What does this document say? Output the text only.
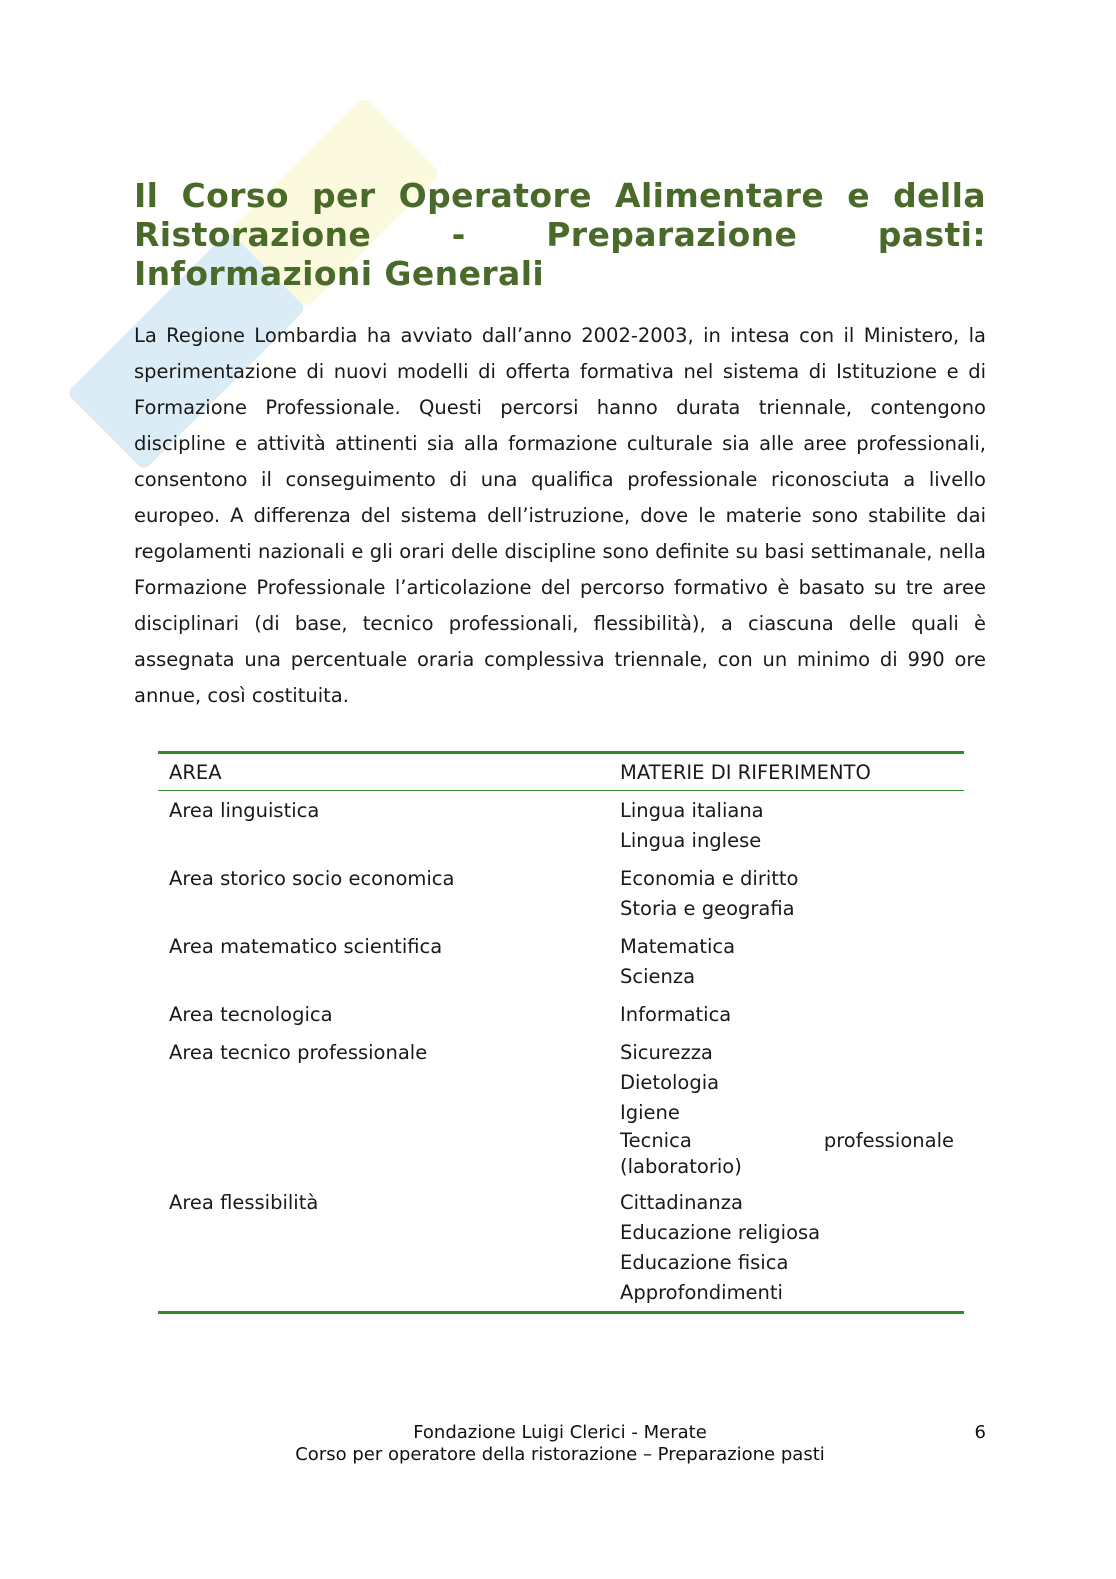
Il Corso per Operatore Alimentare e della Ristorazione - Preparazione pasti: Informazioni Generali

La Regione Lombardia ha avviato dall’anno 2002-2003, in intesa con il Ministero, la sperimentazione di nuovi modelli di offerta formativa nel sistema di Istituzione e di Formazione Professionale. Questi percorsi hanno durata triennale, contengono discipline e attività attinenti sia alla formazione culturale sia alle aree professionali, consentono il conseguimento di una qualifica professionale riconosciuta a livello europeo. A differenza del sistema dell’istruzione, dove le materie sono stabilite dai regolamenti nazionali e gli orari delle discipline sono definite su basi settimanale, nella Formazione Professionale l’articolazione del percorso formativo è basato su tre aree disciplinari (di base, tecnico professionali, flessibilità), a ciascuna delle quali è assegnata una percentuale oraria complessiva triennale, con un minimo di 990 ore annue, così costituita.

AREA	MATERIE DI RIFERIMENTO
Area linguistica	Lingua italiana
Lingua inglese
Area storico socio economica	Economia e diritto
Storia e geografia
Area matematico scientifica	Matematica
Scienza
Area tecnologica	Informatica
Area tecnico professionale	Sicurezza
Dietologia
Igiene
Tecnica professionale (laboratorio)
Area flessibilità	Cittadinanza
Educazione religiosa
Educazione fisica
Approfondimenti
Fondazione Luigi Clerici - Merate
Corso per operatore della ristorazione – Preparazione pasti
6
